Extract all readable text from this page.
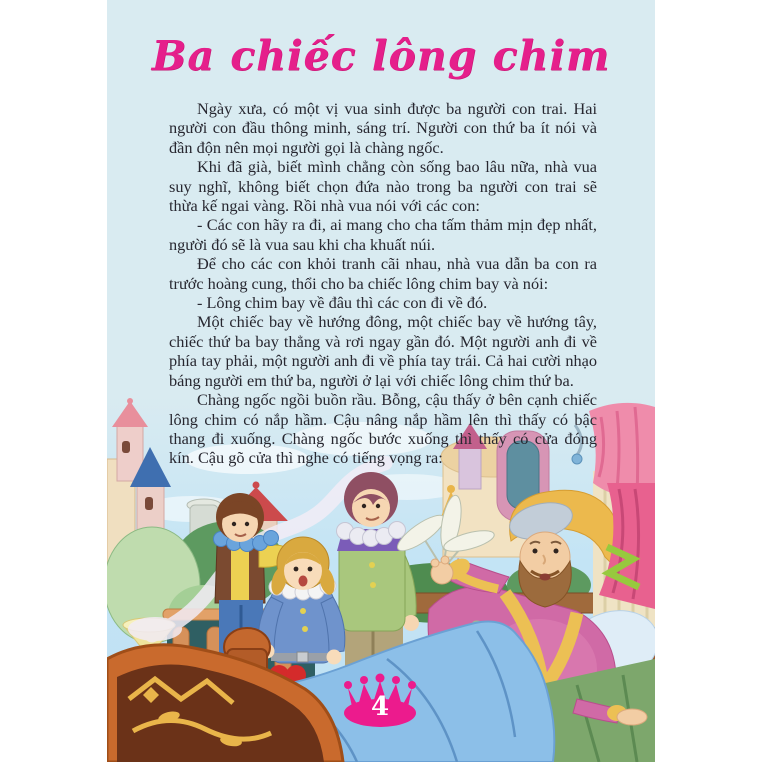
Ba chiếc lông chim

Ngày xưa, có một vị vua sinh được ba người con trai. Hai người con đầu thông minh, sáng trí. Người con thứ ba ít nói và đần độn nên mọi người gọi là chàng ngốc.

Khi đã già, biết mình chẳng còn sống bao lâu nữa, nhà vua suy nghĩ, không biết chọn đứa nào trong ba người con trai sẽ thừa kế ngai vàng. Rồi nhà vua nói với các con:

- Các con hãy ra đi, ai mang cho cha tấm thảm mịn đẹp nhất, người đó sẽ là vua sau khi cha khuất núi.

Để cho các con khỏi tranh cãi nhau, nhà vua dẫn ba con ra trước hoàng cung, thổi cho ba chiếc lông chim bay và nói:

- Lông chim bay về đâu thì các con đi về đó.

Một chiếc bay về hướng đông, một chiếc bay về hướng tây, chiếc thứ ba bay thẳng và rơi ngay gần đó. Một người anh đi về phía tay phải, một người anh đi về phía tay trái. Cả hai cười nhạo báng người em thứ ba, người ở lại với chiếc lông chim thứ ba.

Chàng ngốc ngồi buồn rầu. Bỗng, cậu thấy ở bên cạnh chiếc lông chim có nắp hầm. Cậu nâng nắp hầm lên thì thấy có bậc thang đi xuống. Chàng ngốc bước xuống thì thấy có cửa đóng kín. Cậu gõ cửa thì nghe có tiếng vọng ra:

4
